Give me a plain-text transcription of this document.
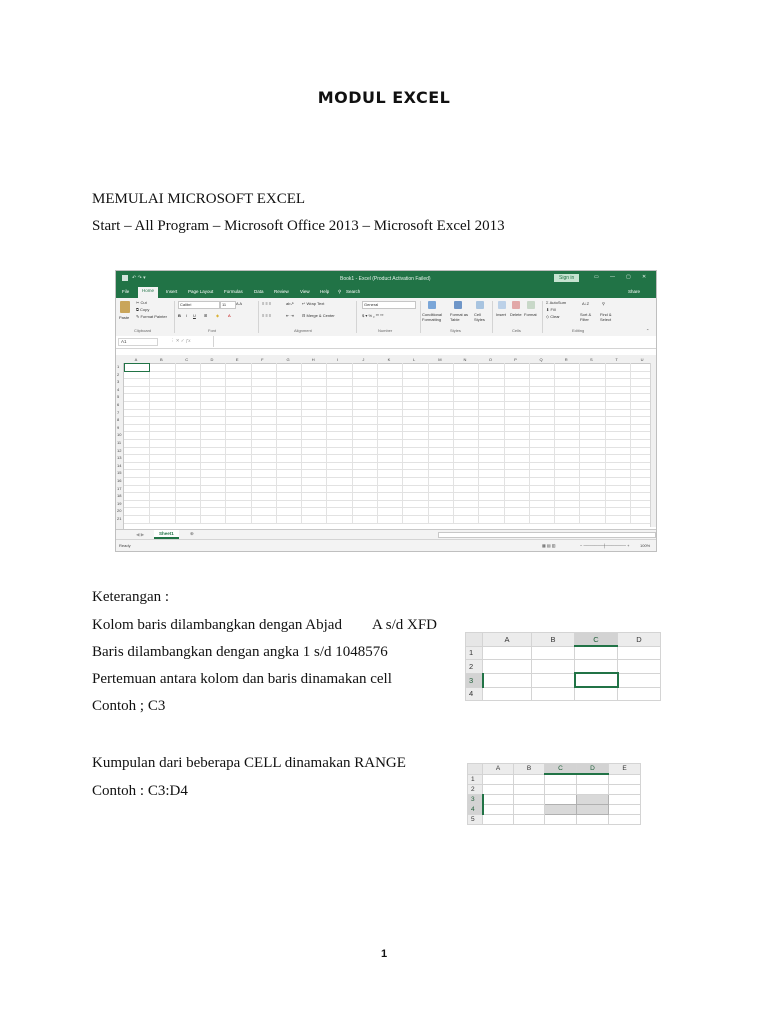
MODUL EXCEL
MEMULAI MICROSOFT EXCEL
Start – All Program – Microsoft Office 2013 – Microsoft Excel 2013
↶ ↷ ▾	Book1 - Excel (Product Activation Failed)	Sign in	▭ — ▢ ✕
File	Home	Insert Page Layout Formulas Data Review View Help ⚲ Search	Share
Paste
✂ Cut
⧉ Copy
✎ Format Painter
Clipboard
Calibri	11 A A
B I U ⊞ ◈ A
Font
≡ ≡ ≡
≡ ≡ ≡
ab↗
⇤ ⇥
↵ Wrap Text
⊟ Merge & Center
Alignment
General
$ ▾ % ❟ ⁰⁰ ⁰⁰
Number
Conditional Formatting
Format as Table
Cell Styles
Styles
Insert Delete Format
Cells
Σ AutoSum
⬇ Fill
◇ Clear
A↓Z
Sort & Filter
⚲
Find & Select
Editing	⌃
A1	⋮ ✕ ✓ ƒx
A	B	C	D	E	F	G	H	I	J	K	L	M	N	O	P	Q	R	S	T	U
1
2
3
4
5
6
7
8
9
10
11
12
13
14
15
16
17
18
19
20
21
◀ ▶	Sheet1	⊕
Ready	▦ ▤ ▥	− ───────┼─────── +	100%
Keterangan :
Kolom baris dilambangkan dengan Abjad A s/d XFD
Baris dilambangkan dengan angka 1 s/d 1048576
Pertemuan antara kolom dan baris dinamakan cell
Contoh ; C3
	A	B	C	D
1				
2				
3				
4				
Kumpulan dari beberapa CELL dinamakan RANGE
Contoh : C3:D4
	A	B	C	D	E
1					
2					
3					
4					
5					
1
